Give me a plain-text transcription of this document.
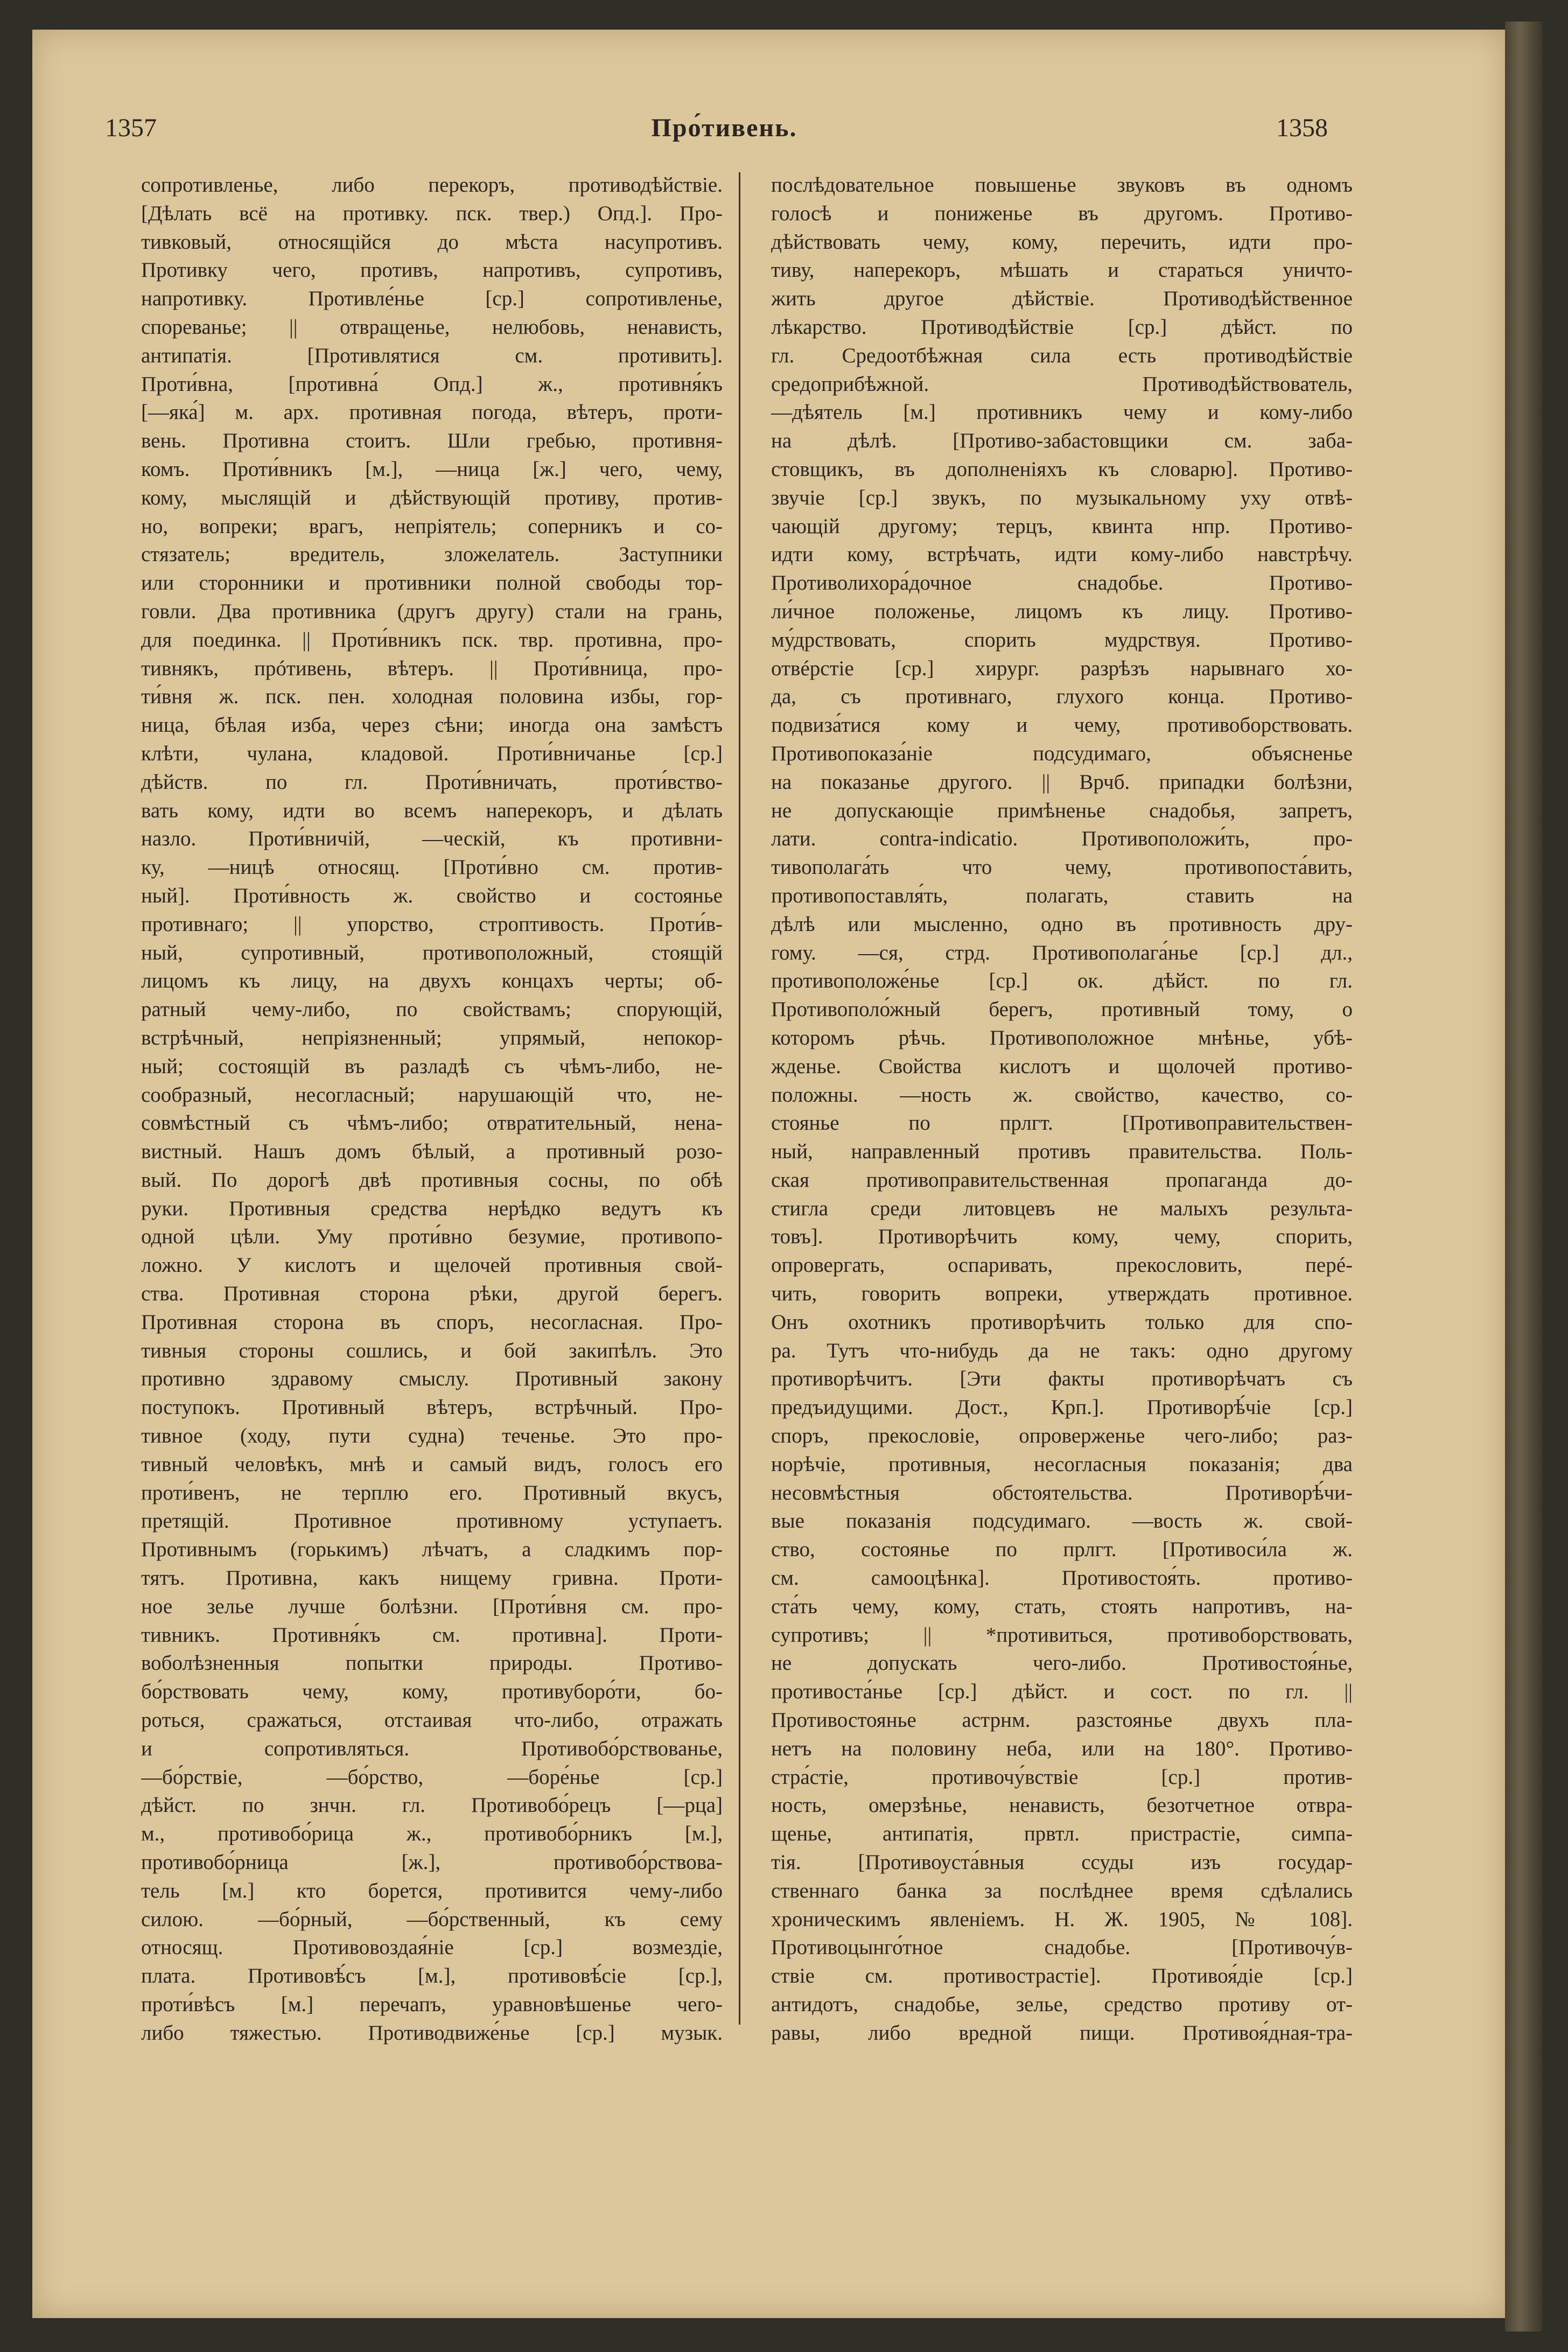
1357	Про́тивень.	1358
сопротивленье, либо перекоръ, противодѣйствіе.
[Дѣлать всё на противку. пск. твер.) Опд.]. Про-
тивковый, относящійся до мѣста насупротивъ.
Противку чего, противъ, напротивъ, супротивъ,
напротивку. Противле́нье [ср.] сопротивленье,
спореванье; || отвращенье, нелюбовь, ненависть,
антипатія. [Противлятися см. противить].
Проти́вна, [противна́ Опд.] ж., противня́къ
[—яка́] м. арх. противная погода, вѣтеръ, проти-
вень. Противна стоитъ. Шли гребью, противня-
комъ. Проти́вникъ [м.], —ница [ж.] чего, чему,
кому, мыслящій и дѣйствующій противу, против-
но, вопреки; врагъ, непріятель; соперникъ и со-
стязатель; вредитель, зложелатель. Заступники
или сторонники и противники полной свободы тор-
говли. Два противника (другъ другу) стали на грань,
для поединка. || Проти́вникъ пск. твр. противна, про-
тивнякъ, прóтивень, вѣтеръ. || Проти́вница, про-
ти́вня ж. пск. пен. холодная половина избы, гор-
ница, бѣлая изба, через сѣни; иногда она замѣстъ
клѣти, чулана, кладовой. Проти́вничанье [ср.]
дѣйств. по гл. Проти́вничать, проти́вство-
вать кому, идти во всемъ наперекоръ, и дѣлать
назло. Проти́вничій, —ческій, къ противни-
ку, —ницѣ относящ. [Проти́вно см. против-
ный]. Проти́вность ж. свойство и состоянье
противнаго; || упорство, строптивость. Проти́в-
ный, супротивный, противоположный, стоящій
лицомъ къ лицу, на двухъ концахъ черты; об-
ратный чему-либо, по свойствамъ; спорующій,
встрѣчный, непріязненный; упрямый, непокор-
ный; состоящій въ разладѣ съ чѣмъ-либо, не-
сообразный, несогласный; нарушающій что, не-
совмѣстный съ чѣмъ-либо; отвратительный, нена-
вистный. Нашъ домъ бѣлый, а противный розо-
вый. По дорогѣ двѣ противныя сосны, по обѣ
руки. Противныя средства нерѣдко ведутъ къ
одной цѣли. Уму проти́вно безумие, противопо-
ложно. У кислотъ и щелочей противныя свой-
ства. Противная сторона рѣки, другой берегъ.
Противная сторона въ споръ, несогласная. Про-
тивныя стороны сошлись, и бой закипѣлъ. Это
противно здравому смыслу. Противный закону
поступокъ. Противный вѣтеръ, встрѣчный. Про-
тивное (ходу, пути судна) теченье. Это про-
тивный человѣкъ, мнѣ и самый видъ, голосъ его
проти́венъ, не терплю его. Противный вкусъ,
претящій. Противное противному уступаетъ.
Противнымъ (горькимъ) лѣчатъ, а сладкимъ пор-
тятъ. Противна, какъ нищему гривна. Проти-
ное зелье лучше болѣзни. [Проти́вня см. про-
тивникъ. Противня́къ см. противна]. Проти-
воболѣзненныя попытки природы. Противо-
бо́рствовать чему, кому, противуборо́ти, бо-
роться, сражаться, отстаивая что-либо, отражать
и сопротивляться. Противобо́рствованье,
—бо́рствіе, —бо́рство, —боре́нье [ср.]
дѣйст. по знчн. гл. Противобо́рецъ [—рца]
м., противобо́рица ж., противобо́рникъ [м.],
противобо́рница [ж.], противобо́рствова-
тель [м.] кто борется, противится чему-либо
силою. —бо́рный, —бо́рственный, къ сему
относящ. Противовоздая́ніе [ср.] возмездіе,
плата. Противовѣ́съ [м.], противовѣ́сіе [ср.],
проти́вѣсъ [м.] перечапъ, уравновѣшенье чего-
либо тяжестью. Противодвиже́нье [ср.] музык.
послѣдовательное повышенье звуковъ въ одномъ
голосѣ и пониженье въ другомъ. Противо-
дѣйствовать чему, кому, перечить, идти про-
тиву, наперекоръ, мѣшать и стараться уничто-
жить другое дѣйствіе. Противодѣйственное
лѣкарство. Противодѣйствіе [ср.] дѣйст. по
гл. Средоотбѣжная сила есть противодѣйствіе
средоприбѣжной. Противодѣйствователь,
—дѣятель [м.] противникъ чему и кому-либо
на дѣлѣ. [Противо-забастовщики см. заба-
стовщикъ, въ дополненіяхъ къ словарю]. Противо-
звучіе [ср.] звукъ, по музыкальному уху отвѣ-
чающій другому; терцъ, квинта нпр. Противо-
идти кому, встрѣчать, идти кому-либо навстрѣчу.
Противолихора́дочное снадобье. Противо-
ли́чное положенье, лицомъ къ лицу. Противо-
му́дрствовать, спорить мудрствуя. Противо-
отвéрстіе [ср.] хирург. разрѣзъ нарывнаго хо-
да, съ противнаго, глухого конца. Противо-
подвиза́тися кому и чему, противоборствовать.
Противопоказа́ніе подсудимаго, объясненье
на показанье другого. || Врчб. припадки болѣзни,
не допускающіе примѣненье снадобья, запретъ,
лати. contra-indicatio. Противоположи́ть, про-
тивополага́ть что чему, противопоста́вить,
противопоставля́ть, полагать, ставить на
дѣлѣ или мысленно, одно въ противность дру-
гому. —ся, стрд. Противополага́нье [ср.] дл.,
противоположе́нье [ср.] ок. дѣйст. по гл.
Противополо́жный берегъ, противный тому, о
которомъ рѣчь. Противоположное мнѣнье, убѣ-
жденье. Свойства кислотъ и щолочей противо-
положны. —ность ж. свойство, качество, со-
стоянье по прлгт. [Противоправительствен-
ный, направленный противъ правительства. Поль-
ская противоправительственная пропаганда до-
стигла среди литовцевъ не малыхъ результа-
товъ]. Противорѣчить кому, чему, спорить,
опровергать, оспаривать, прекословить, перé-
чить, говорить вопреки, утверждать противное.
Онъ охотникъ противорѣчить только для спо-
ра. Тутъ что-нибудь да не такъ: одно другому
противорѣчитъ. [Эти факты противорѣчатъ съ
предъидущими. Дост., Крп.]. Противорѣ́чіе [ср.]
споръ, прекословіе, опроверженье чего-либо; раз-
норѣчіе, противныя, несогласныя показанія; два
несовмѣстныя обстоятельства. Противорѣ́чи-
вые показанія подсудимаго. —вость ж. свой-
ство, состоянье по прлгт. [Противоси́ла ж.
см. самооцѣнка]. Противостоя́ть. противо-
ста́ть чему, кому, стать, стоять напротивъ, на-
супротивъ; || *противиться, противоборствовать,
не допускать чего-либо. Противостоя́нье,
противоста́нье [ср.] дѣйст. и сост. по гл. ||
Противостоянье астрнм. разстоянье двухъ пла-
нетъ на половину неба, или на 180°. Противо-
стра́стіе, противочу́вствіе [ср.] против-
ность, омерзѣнье, ненависть, безотчетное отвра-
щенье, антипатія, првтл. пристрастіе, симпа-
тія. [Противоуста́вныя ссуды изъ государ-
ственнаго банка за послѣднее время сдѣлались
хроническимъ явленіемъ. Н. Ж. 1905, № 108].
Противоцынго́тное снадобье. [Противочу́в-
ствіе см. противострастіе]. Противоя́діе [ср.]
антидотъ, снадобье, зелье, средство противу от-
равы, либо вредной пищи. Противоя́дная-тра-
